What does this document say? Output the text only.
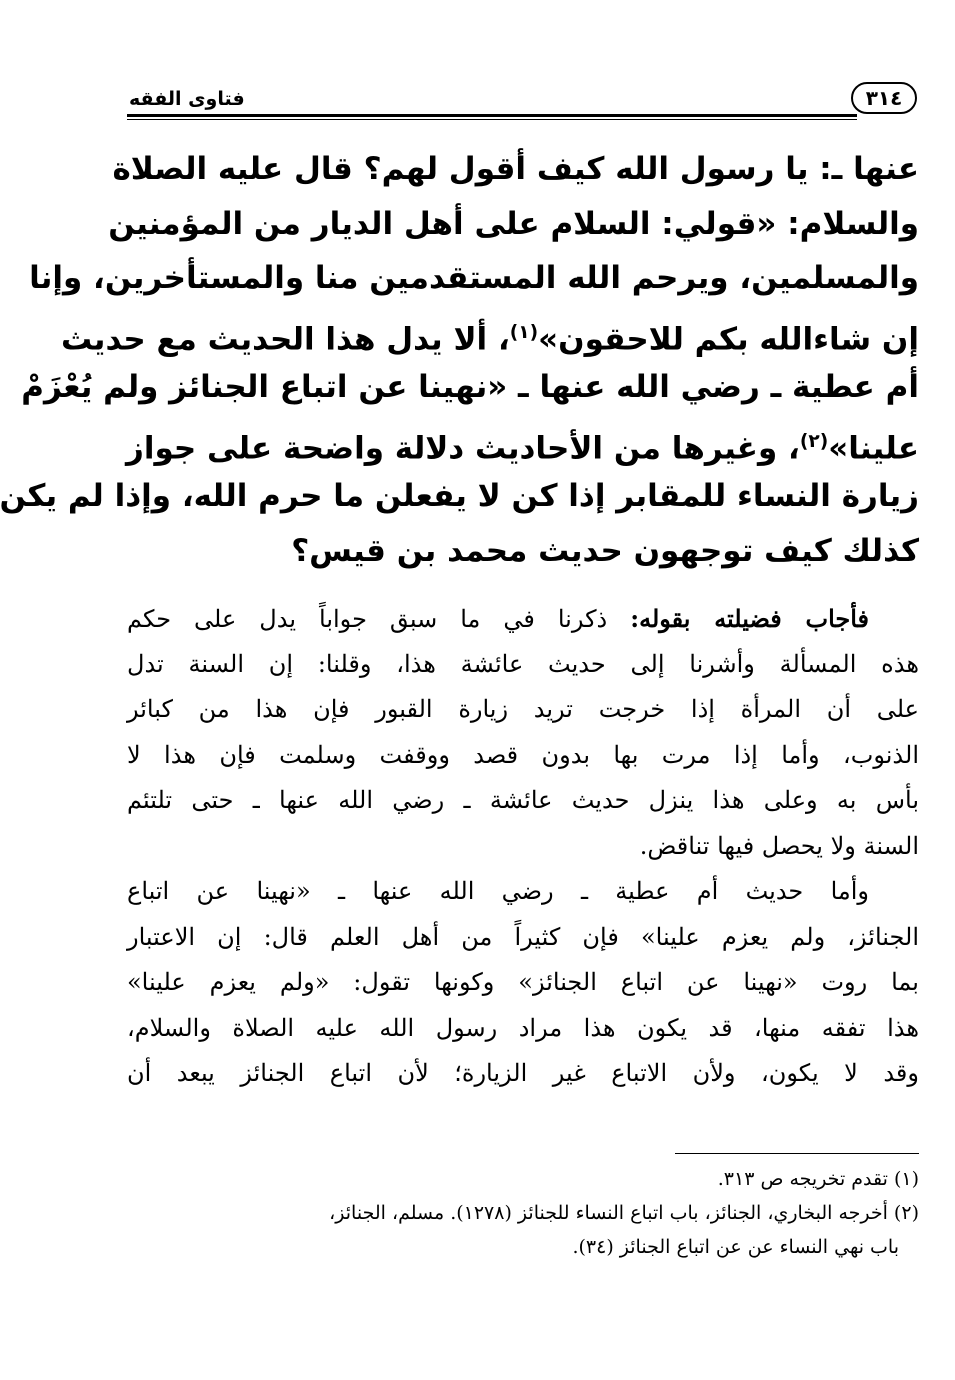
٣١٤
فتاوى الفقه
عنها ـ: يا رسول الله كيف أقول لهم؟ قال عليه الصلاة
والسلام: «قولي: السلام على أهل الديار من المؤمنين
والمسلمين، ويرحم الله المستقدمين منا والمستأخرين، وإنا
إن شاءالله بكم للاحقون»$^{(١)}$، ألا يدل هذا الحديث مع حديث
أم عطية ـ رضي الله عنها ـ «نهينا عن اتباع الجنائز ولم يُعْزَمْ
علينا»$^{(٢)}$، وغيرها من الأحاديث دلالة واضحة على جواز
زيارة النساء للمقابر إذا كن لا يفعلن ما حرم الله، وإذا لم يكن
كذلك كيف توجهون حديث محمد بن قيس؟
فأجاب فضيلته بقوله: ذكرنا في ما سبق جواباً يدل على حكم
هذه المسألة وأشرنا إلى حديث عائشة هذا، وقلنا: إن السنة تدل
على أن المرأة إذا خرجت تريد زيارة القبور فإن هذا من كبائر
الذنوب، وأما إذا مرت بها بدون قصد ووقفت وسلمت فإن هذا لا
بأس به وعلى هذا ينزل حديث عائشة ـ رضي الله عنها ـ حتى تلتئم
السنة ولا يحصل فيها تناقض.
وأما حديث أم عطية ـ رضي الله عنها ـ «نهينا عن اتباع
الجنائز، ولم يعزم علينا» فإن كثيراً من أهل العلم قال: إن الاعتبار
بما روت «نهينا عن اتباع الجنائز» وكونها تقول: «ولم يعزم علينا»
هذا تفقه منها، قد يكون هذا مراد رسول الله عليه الصلاة والسلام،
وقد لا يكون، ولأن الاتباع غير الزيارة؛ لأن اتباع الجنائز يبعد أن
(١) تقدم تخريجه ص ٣١٣.
(٢) أخرجه البخاري، الجنائز، باب اتباع النساء للجنائز (١٢٧٨). مسلم، الجنائز،
باب نهي النساء عن عن اتباع الجنائز (٣٤).
